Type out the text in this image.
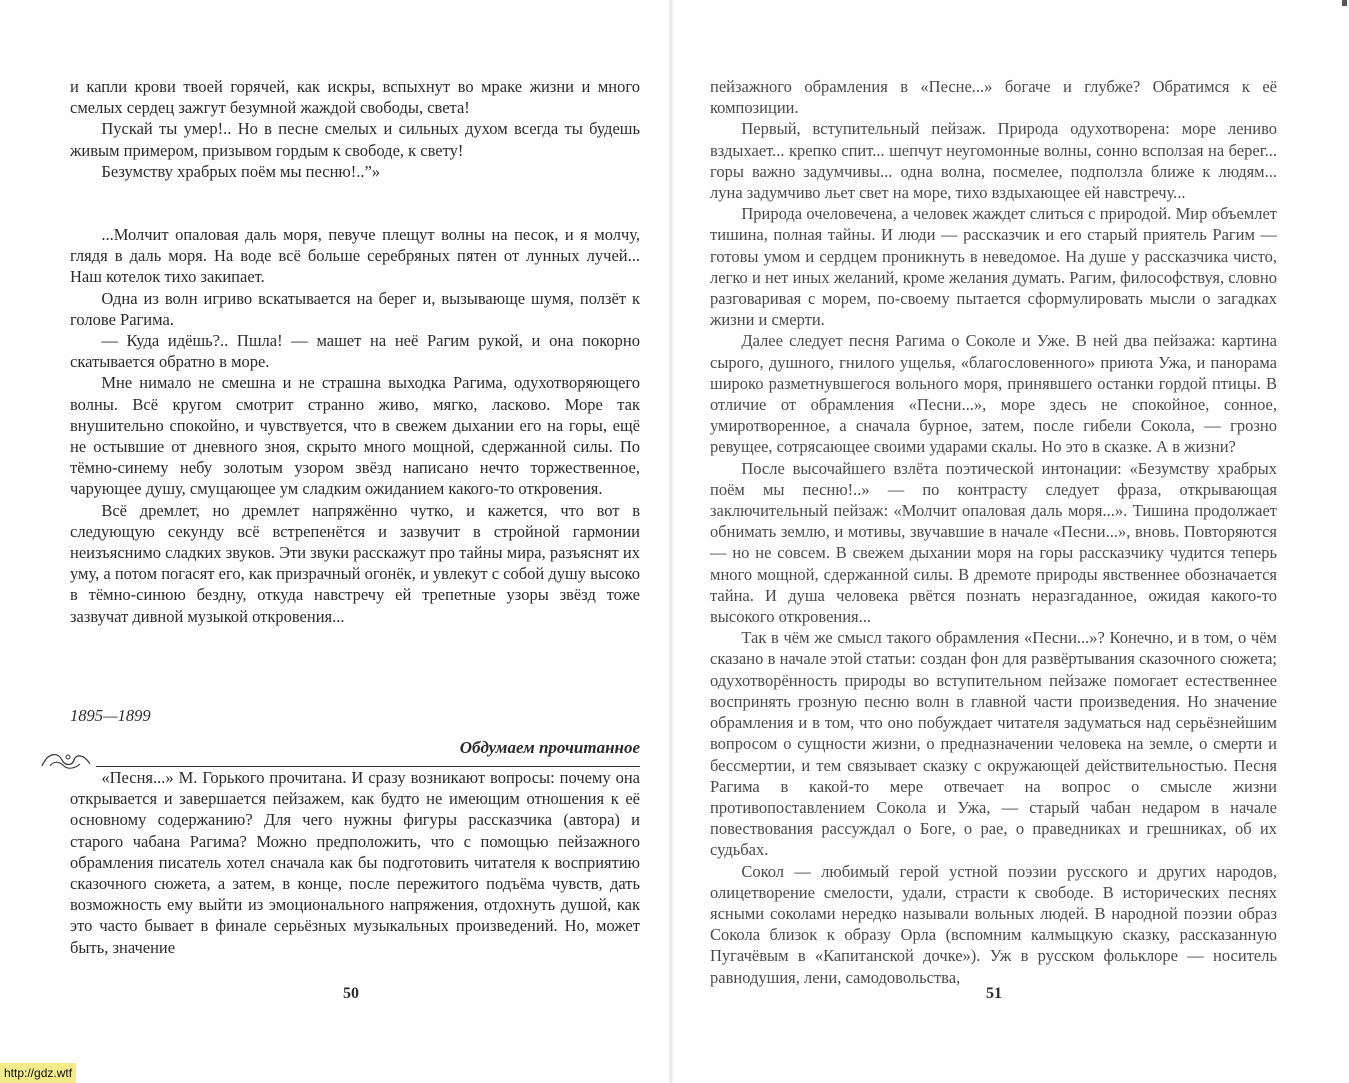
и капли крови твоей горячей, как искры, вспыхнут во мраке жизни и много смелых сердец зажгут безумной жаждой свободы, света!

Пускай ты умер!.. Но в песне смелых и сильных духом всегда ты будешь живым примером, призывом гордым к свободе, к свету!

Безумству храбрых поём мы песню!..”»

...Молчит опаловая даль моря, певуче плещут волны на песок, и я молчу, глядя в даль моря. На воде всё больше серебряных пятен от лунных лучей... Наш котелок тихо закипает.

Одна из волн игриво вскатывается на берег и, вызывающе шумя, ползёт к голове Рагима.

— Куда идёшь?.. Пшла! — машет на неё Рагим рукой, и она покорно скатывается обратно в море.

Мне нимало не смешна и не страшна выходка Рагима, одухотворяющего волны. Всё кругом смотрит странно живо, мягко, ласково. Море так внушительно спокойно, и чувствуется, что в свежем дыхании его на горы, ещё не остывшие от дневного зноя, скрыто много мощной, сдержанной силы. По тёмно-синему небу золотым узором звёзд написано нечто торжественное, чарующее душу, смущающее ум сладким ожиданием какого-то откровения.

Всё дремлет, но дремлет напряжённо чутко, и кажется, что вот в следующую секунду всё встрепенётся и зазвучит в стройной гармонии неизъяснимо сладких звуков. Эти звуки расскажут про тайны мира, разъяснят их уму, а потом погасят его, как призрачный огонёк, и увлекут с собой душу высоко в тёмно-синюю бездну, откуда навстречу ей трепетные узоры звёзд тоже зазвучат дивной музыкой откровения...

1895—1899

Обдумаем прочитанное

«Песня...» М. Горького прочитана. И сразу возникают вопросы: почему она открывается и завершается пейзажем, как будто не имеющим отношения к её основному содержанию? Для чего нужны фигуры рассказчика (автора) и старого чабана Рагима? Можно предположить, что с помощью пейзажного обрамления писатель хотел сначала как бы подготовить читателя к восприятию сказочного сюжета, а затем, в конце, после пережитого подъёма чувств, дать возможность ему выйти из эмоционального напряжения, отдохнуть душой, как это часто бывает в финале серьёзных музыкальных произведений. Но, может быть, значение

50

пейзажного обрамления в «Песне...» богаче и глубже? Обратимся к её композиции.

Первый, вступительный пейзаж. Природа одухотворена: море лениво вздыхает... крепко спит... шепчут неугомонные волны, сонно всползая на берег... горы важно задумчивы... одна волна, посмелее, подползла ближе к людям... луна задумчиво льет свет на море, тихо вздыхающее ей навстречу...

Природа очеловечена, а человек жаждет слиться с природой. Мир объемлет тишина, полная тайны. И люди — рассказчик и его старый приятель Рагим — готовы умом и сердцем проникнуть в неведомое. На душе у рассказчика чисто, легко и нет иных желаний, кроме желания думать. Рагим, философствуя, словно разговаривая с морем, по-своему пытается сформулировать мысли о загадках жизни и смерти.

Далее следует песня Рагима о Соколе и Уже. В ней два пейзажа: картина сырого, душного, гнилого ущелья, «благословенного» приюта Ужа, и панорама широко разметнувшегося вольного моря, принявшего останки гордой птицы. В отличие от обрамления «Песни...», море здесь не спокойное, сонное, умиротворенное, а сначала бурное, затем, после гибели Сокола, — грозно ревущее, сотрясающее своими ударами скалы. Но это в сказке. А в жизни?

После высочайшего взлёта поэтической интонации: «Безумству храбрых поём мы песню!..» — по контрасту следует фраза, открывающая заключительный пейзаж: «Молчит опаловая даль моря...». Тишина продолжает обнимать землю, и мотивы, звучавшие в начале «Песни...», вновь. Повторяются — но не совсем. В свежем дыхании моря на горы рассказчику чудится теперь много мощной, сдержанной силы. В дремоте природы явственнее обозначается тайна. И душа человека рвётся познать неразгаданное, ожидая какого-то высокого откровения...

Так в чём же смысл такого обрамления «Песни...»? Конечно, и в том, о чём сказано в начале этой статьи: создан фон для развёртывания сказочного сюжета; одухотворённость природы во вступительном пейзаже помогает естественнее воспринять грозную песню волн в главной части произведения. Но значение обрамления и в том, что оно побуждает читателя задуматься над серьёзнейшим вопросом о сущности жизни, о предназначении человека на земле, о смерти и бессмертии, и тем связывает сказку с окружающей действительностью. Песня Рагима в какой-то мере отвечает на вопрос о смысле жизни противопоставлением Сокола и Ужа, — старый чабан недаром в начале повествования рассуждал о Боге, о рае, о праведниках и грешниках, об их судьбах.

Сокол — любимый герой устной поэзии русского и других народов, олицетворение смелости, удали, страсти к свободе. В исторических песнях ясными соколами нередко называли вольных людей. В народной поэзии образ Сокола близок к образу Орла (вспомним калмыцкую сказку, рассказанную Пугачёвым в «Капитанской дочке»). Уж в русском фольклоре — носитель равнодушия, лени, самодовольства,

51
http://gdz.wtf
